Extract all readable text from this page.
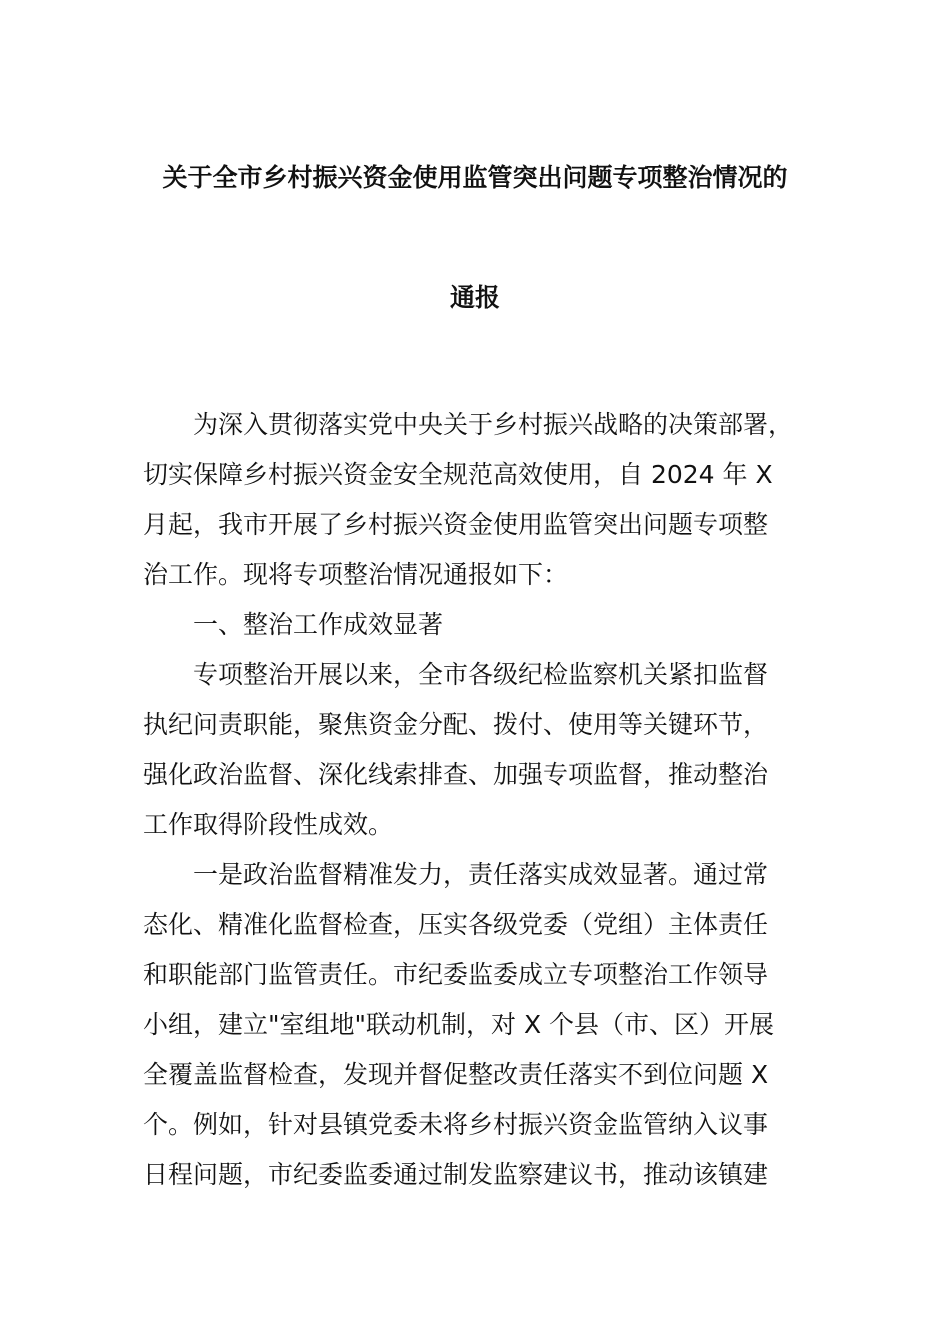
关于全市乡村振兴资金使用监管突出问题专项整治情况的
通报
为深入贯彻落实党中央关于乡村振兴战略的决策部署，
切实保障乡村振兴资金安全规范高效使用，自 2024 年 X
月起，我市开展了乡村振兴资金使用监管突出问题专项整
治工作。现将专项整治情况通报如下：
一、整治工作成效显著
专项整治开展以来，全市各级纪检监察机关紧扣监督
执纪问责职能，聚焦资金分配、拨付、使用等关键环节，
强化政治监督、深化线索排查、加强专项监督，推动整治
工作取得阶段性成效。
一是政治监督精准发力，责任落实成效显著。通过常
态化、精准化监督检查，压实各级党委（党组）主体责任
和职能部门监管责任。市纪委监委成立专项整治工作领导
小组，建立"室组地"联动机制，对 X 个县（市、区）开展
全覆盖监督检查，发现并督促整改责任落实不到位问题 X
个。例如，针对县镇党委未将乡村振兴资金监管纳入议事
日程问题，市纪委监委通过制发监察建议书，推动该镇建
